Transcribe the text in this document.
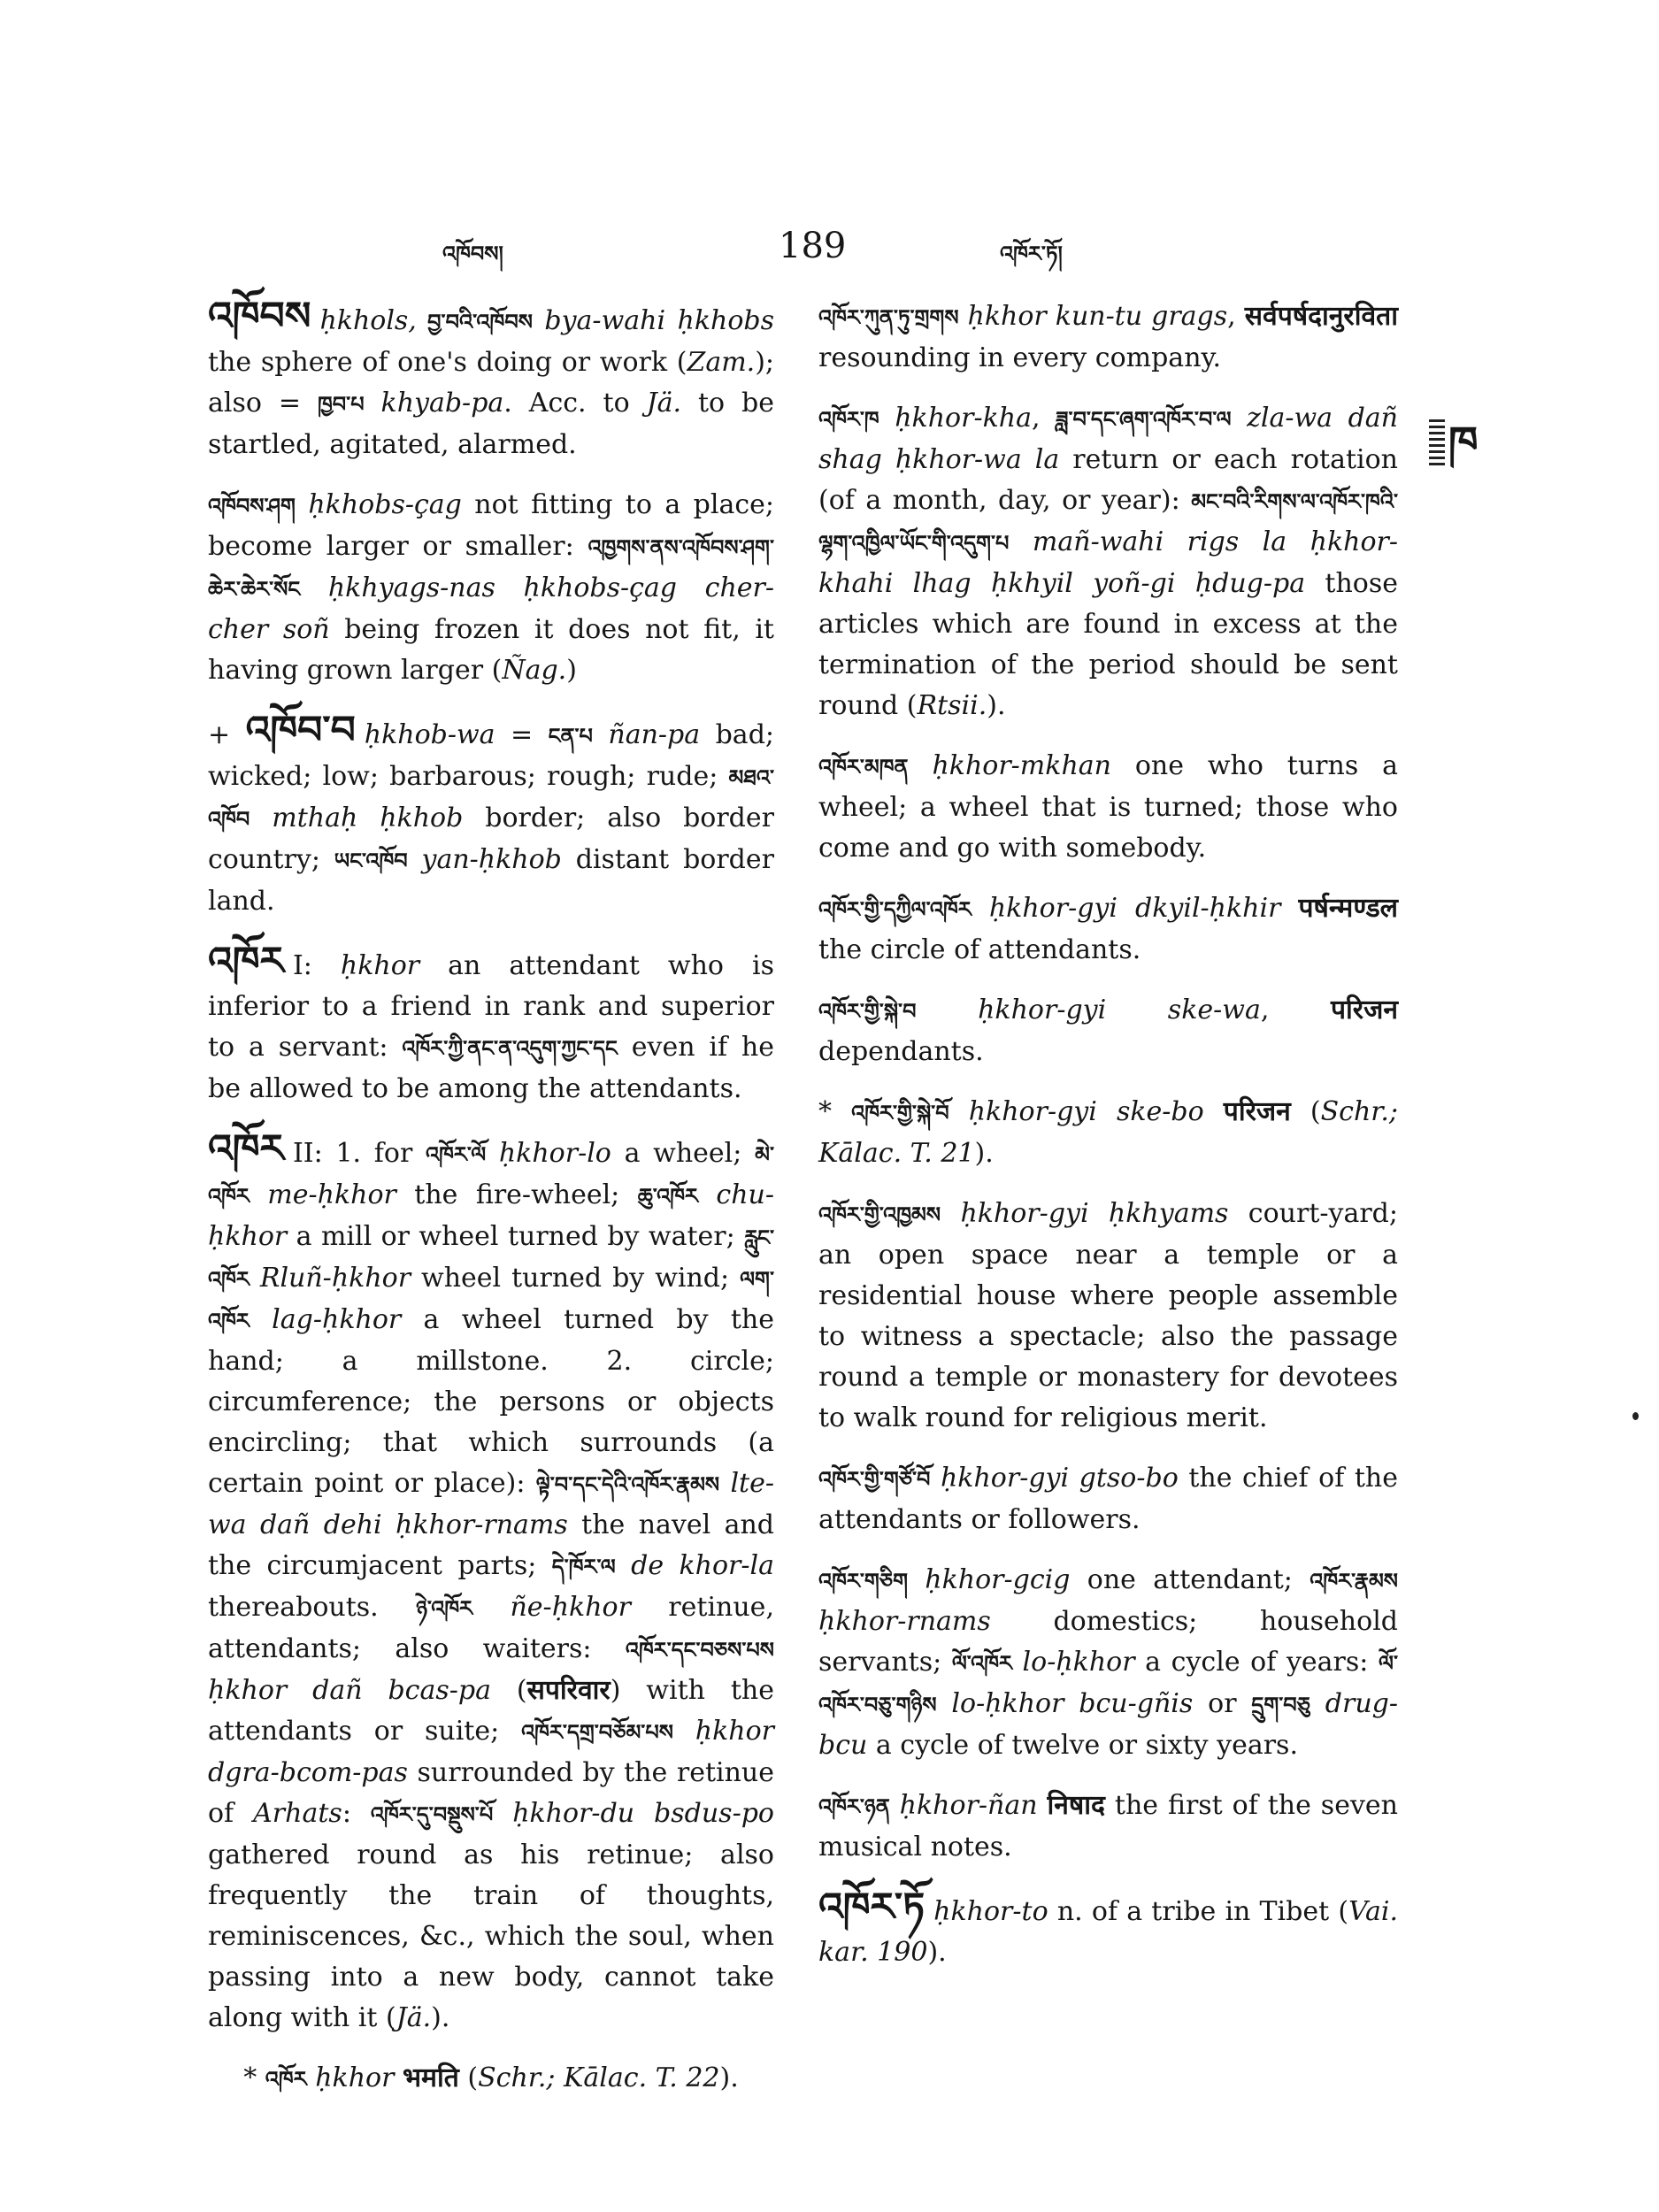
འཁོབས།	189	འཁོར་ཏོ།

འཁོབས ḥkhols, བྱ་བའི་འཁོབས bya-wahi ḥkhobs the sphere of one's doing or work (Zam.); also = ཁྱབ་པ khyab-pa. Acc. to Jä. to be startled, agitated, alarmed.

འཁོབས་ཤག ḥkhobs-çag not fitting to a place; become larger or smaller: འཁྱགས་ནས་འཁོབས་ཤག་ཆེར་ཆེར་སོང ḥkhyags-nas ḥkhobs-çag cher-cher soñ being frozen it does not fit, it having grown larger (Ñag.)

+ འཁོབ་བ ḥkhob-wa = ངན་པ ñan-pa bad; wicked; low; barbarous; rough; rude; མཐའ་འཁོབ mthaḥ ḥkhob border; also border country; ཡང་འཁོབ yan-ḥkhob distant border land.

འཁོར I: ḥkhor an attendant who is inferior to a friend in rank and superior to a servant: འཁོར་ཀྱི་ནང་ན་འདུག་ཀྱང་དང even if he be allowed to be among the attendants.

འཁོར II: 1. for འཁོར་ལོ ḥkhor-lo a wheel; མེ་འཁོར me-ḥkhor the fire-wheel; ཆུ་འཁོར chu-ḥkhor a mill or wheel turned by water; རླུང་འཁོར Rluñ-ḥkhor wheel turned by wind; ལག་འཁོར lag-ḥkhor a wheel turned by the hand; a millstone. 2. circle; circumference; the persons or objects encircling; that which surrounds (a certain point or place): ལྟེ་བ་དང་དེའི་འཁོར་རྣམས lte-wa dañ dehi ḥkhor-rnams the navel and the circumjacent parts; དེ་ཁོར་ལ de khor-la thereabouts. ཉེ་འཁོར ñe-ḥkhor retinue, attendants; also waiters: འཁོར་དང་བཅས་པས ḥkhor dañ bcas-pa (सपरिवार) with the attendants or suite; འཁོར་དགྲ་བཅོམ་པས ḥkhor dgra-bcom-pas surrounded by the retinue of Arhats: འཁོར་དུ་བསྡུས་པོ ḥkhor-du bsdus-po gathered round as his retinue; also frequently the train of thoughts, reminiscences, &c., which the soul, when passing into a new body, cannot take along with it (Jä.).

* འཁོར ḥkhor भमति (Schr.; Kālac. T. 22).

འཁོར་ཀུན་ཏུ་གྲགས ḥkhor kun-tu grags, सर्वपर्षदानुरविता resounding in every company.

འཁོར་ཁ ḥkhor-kha, ཟླ་བ་དང་ཞག་འཁོར་བ་ལ zla-wa dañ shag ḥkhor-wa la return or each rotation (of a month, day, or year): མང་བའི་རིགས་ལ་འཁོར་ཁའི་ལྷག་འཁྱིལ་ཡོང་གི་འདུག་པ mañ-wahi rigs la ḥkhor-khahi lhag ḥkhyil yoñ-gi ḥdug-pa those articles which are found in excess at the termination of the period should be sent round (Rtsii.).

འཁོར་མཁན ḥkhor-mkhan one who turns a wheel; a wheel that is turned; those who come and go with somebody.

འཁོར་གྱི་དཀྱིལ་འཁོར ḥkhor-gyi dkyil-ḥkhir पर्षन्मण्डल the circle of attendants.

འཁོར་གྱི་སྐེ་བ ḥkhor-gyi ske-wa, परिजन dependants.

* འཁོར་གྱི་སྐེ་བོ ḥkhor-gyi ske-bo परिजन (Schr.; Kālac. T. 21).

འཁོར་གྱི་འཁྱམས ḥkhor-gyi ḥkhyams court-yard; an open space near a temple or a residential house where people assemble to witness a spectacle; also the passage round a temple or monastery for devotees to walk round for religious merit.

འཁོར་གྱི་གཙོ་བོ ḥkhor-gyi gtso-bo the chief of the attendants or followers.

འཁོར་གཅིག ḥkhor-gcig one attendant; འཁོར་རྣམས ḥkhor-rnams domestics; household servants; ལོ་འཁོར lo-ḥkhor a cycle of years: ལོ་འཁོར་བཅུ་གཉིས lo-ḥkhor bcu-gñis or དྲུག་བཅུ drug-bcu a cycle of twelve or sixty years.

འཁོར་ཉན ḥkhor-ñan निषाद the first of the seven musical notes.

འཁོར་ཏོ ḥkhor-to n. of a tribe in Tibet (Vai. kar. 190).

ཁ
